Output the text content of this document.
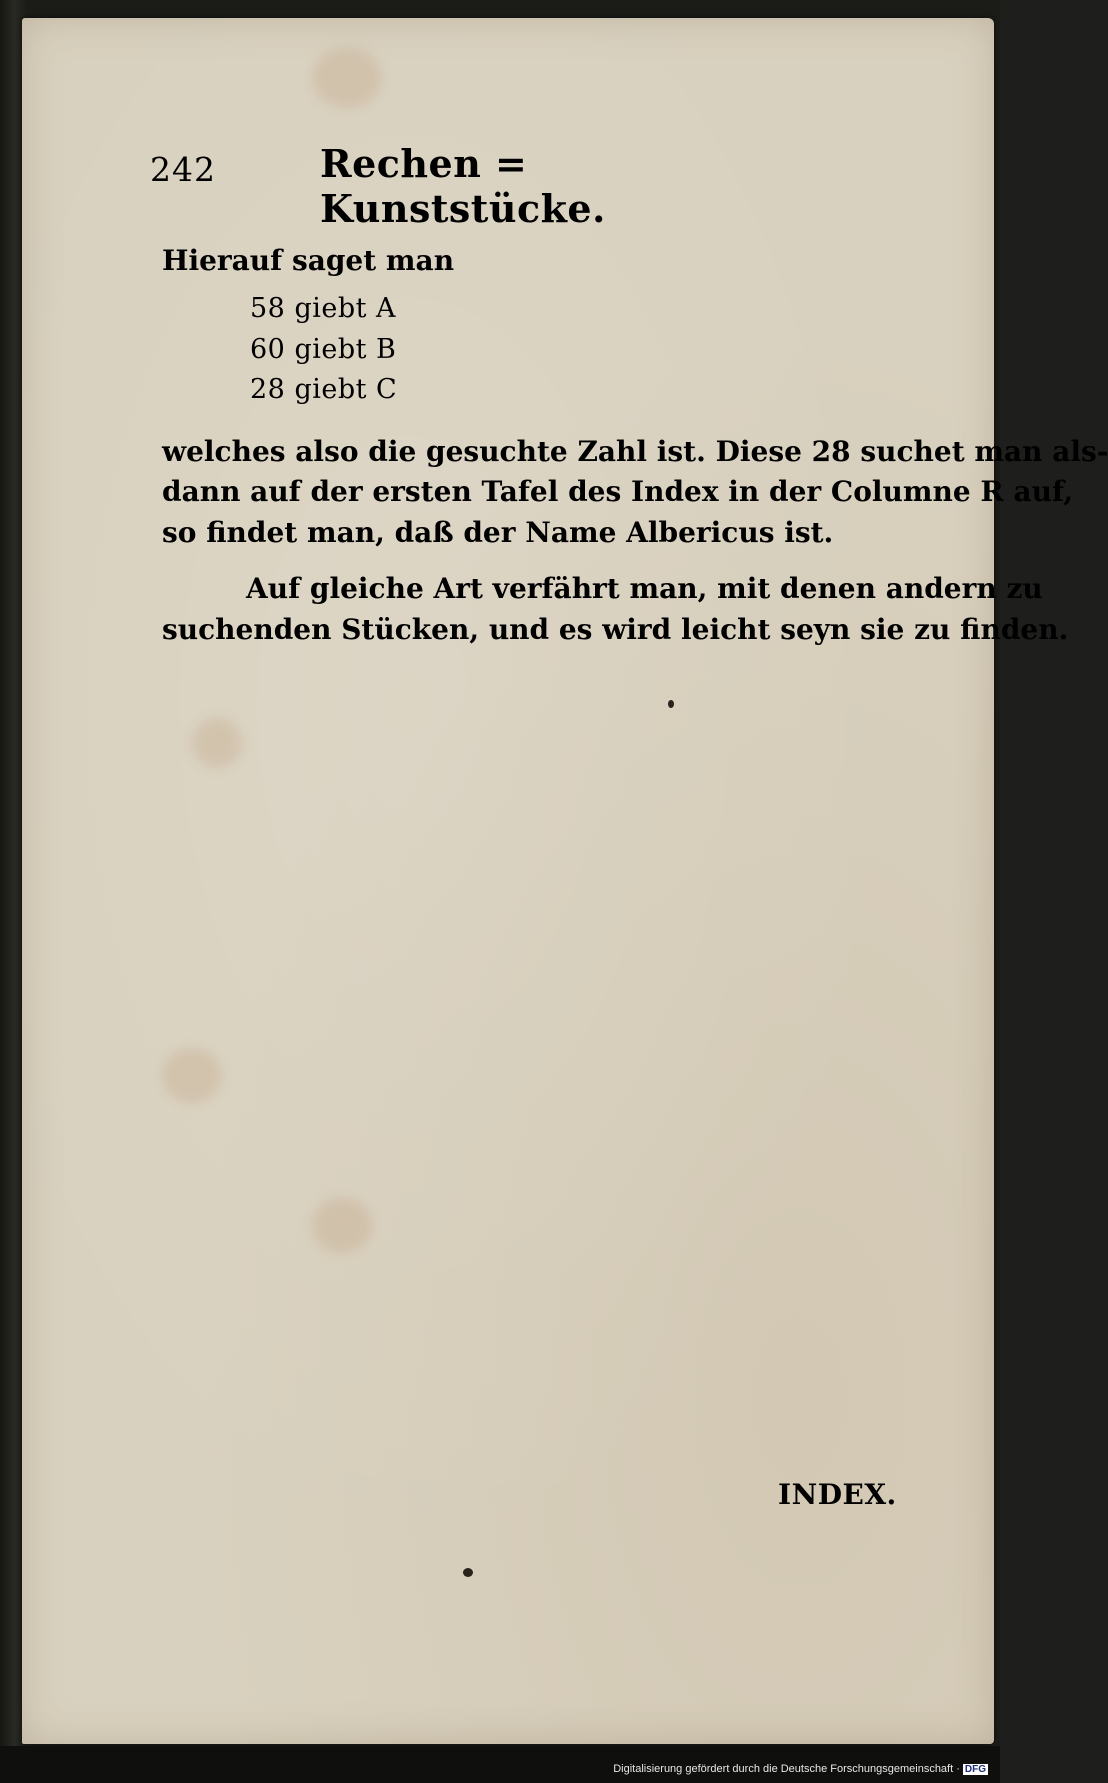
242	Rechen = Kunststücke.
Hierauf saget man
58 giebt A
60 giebt B
28 giebt C
welches also die gesuchte Zahl ist. Diese 28 suchet man als-
dann auf der ersten Tafel des Index in der Columne R auf,
so findet man, daß der Name Albericus ist.
Auf gleiche Art verfährt man, mit denen andern zu
suchenden Stücken, und es wird leicht seyn sie zu finden.
INDEX.
Digitalisierung gefördert durch die Deutsche Forschungsgemeinschaft · DFG
